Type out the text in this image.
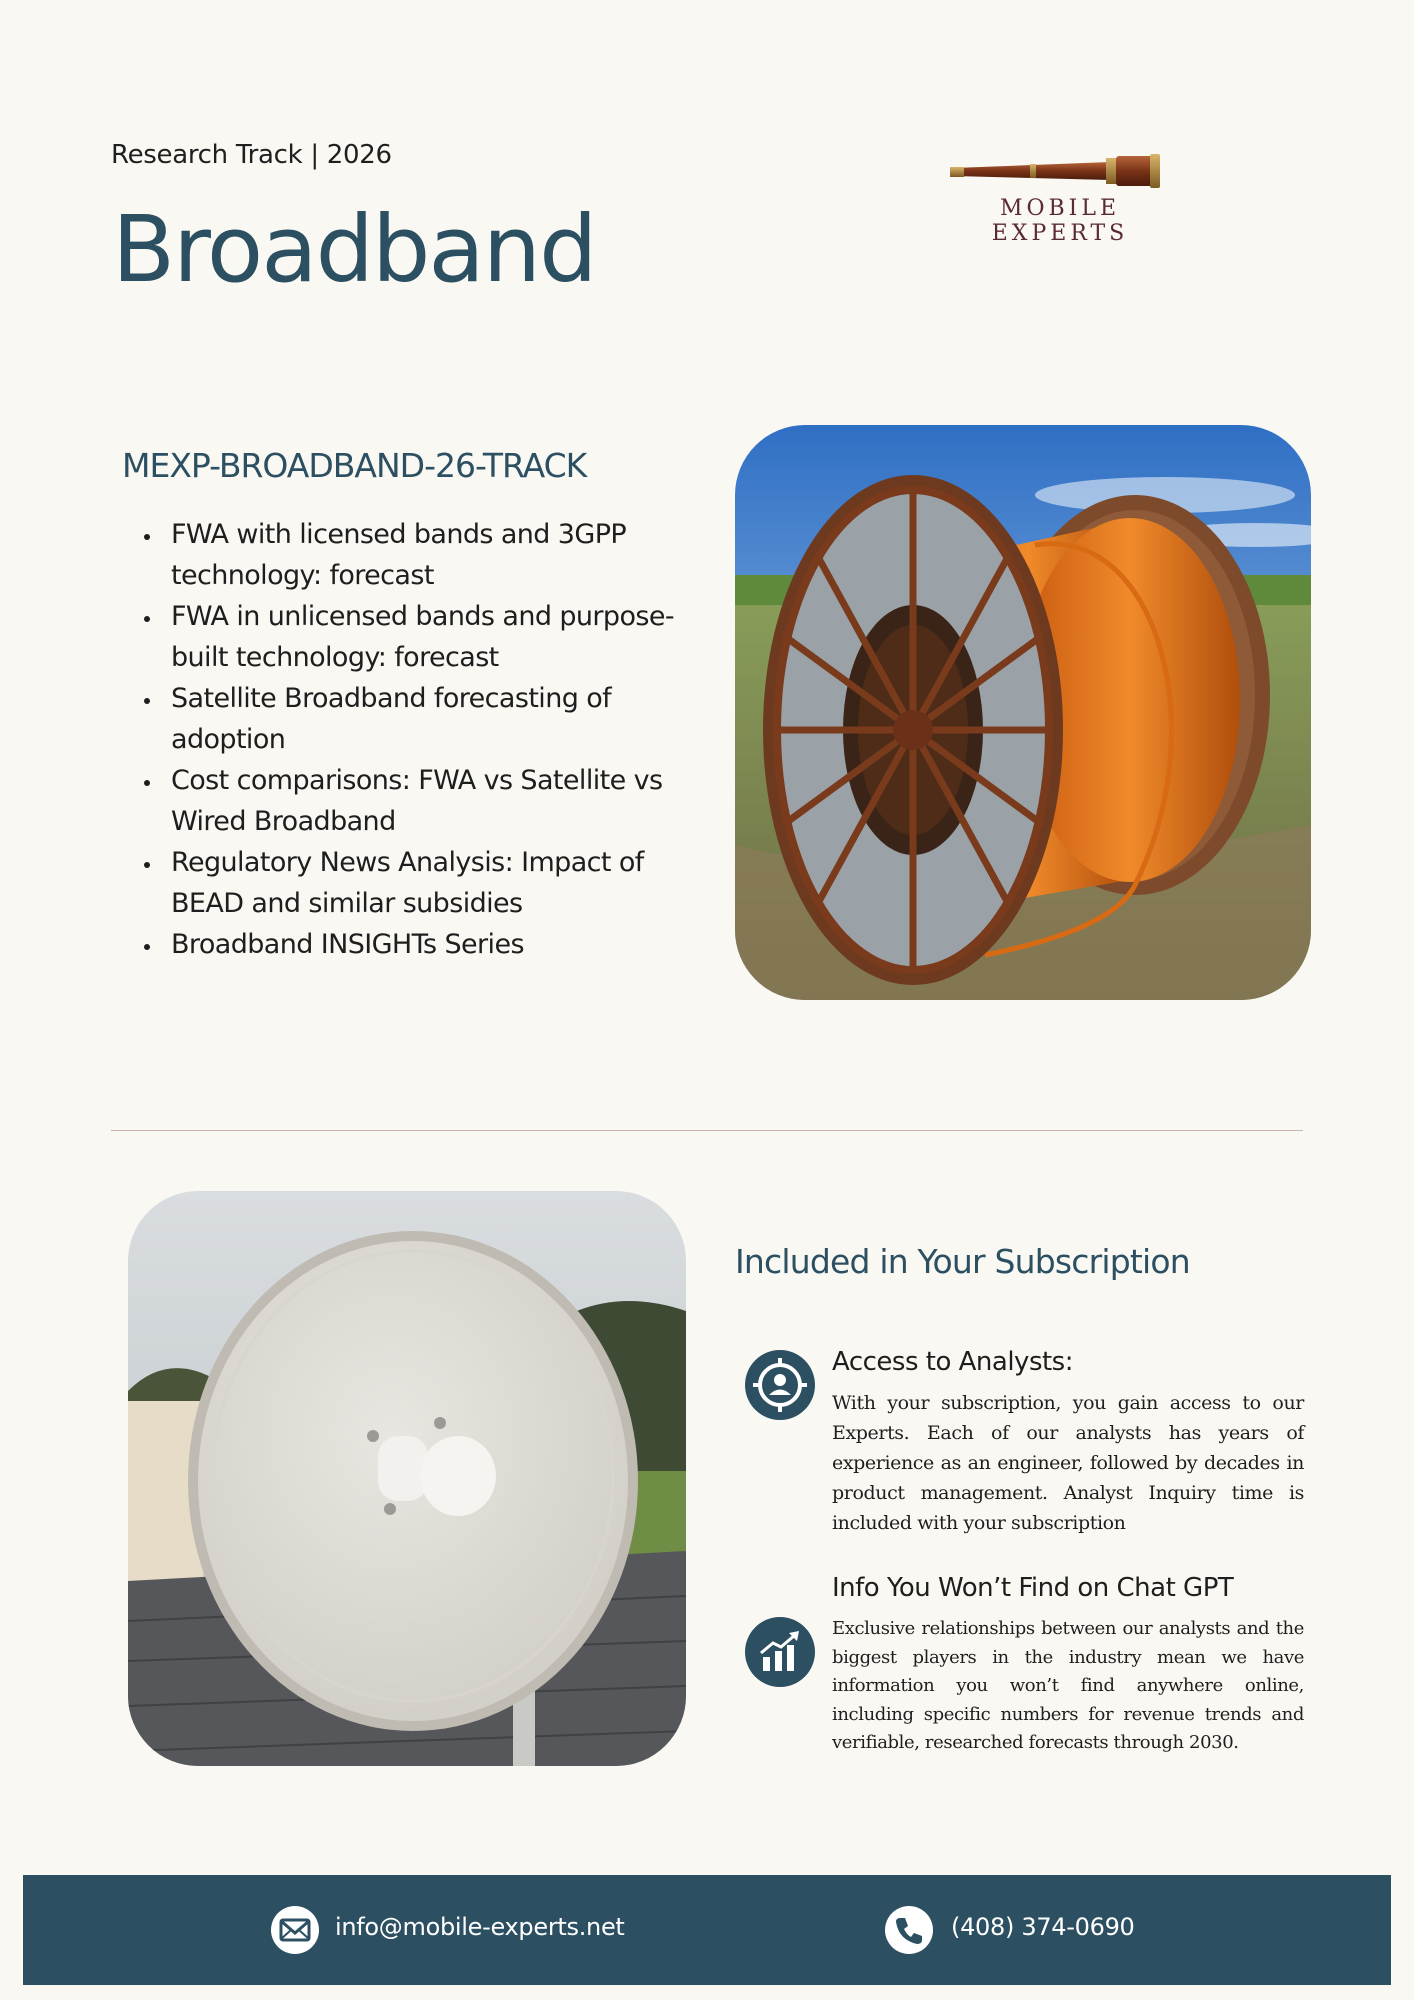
Research Track | 2026
Broadband	MOBILE EXPERTS
MEXP-BROADBAND-26-TRACK
• FWA with licensed bands and 3GPP technology: forecast
• FWA in unlicensed bands and purpose-built technology: forecast
• Satellite Broadband forecasting of adoption
• Cost comparisons: FWA vs Satellite vs Wired Broadband
• Regulatory News Analysis: Impact of BEAD and similar subsidies
• Broadband INSIGHTs Series
Included in Your Subscription
Access to Analysts:
With your subscription, you gain access to our Experts. Each of our analysts has years of experience as an engineer, followed by decades in product management. Analyst Inquiry time is included with your subscription
Info You Won’t Find on Chat GPT
Exclusive relationships between our analysts and the biggest players in the industry mean we have information you won’t find anywhere online, including specific numbers for revenue trends and verifiable, researched forecasts through 2030.
info@mobile-experts.net	(408) 374-0690
